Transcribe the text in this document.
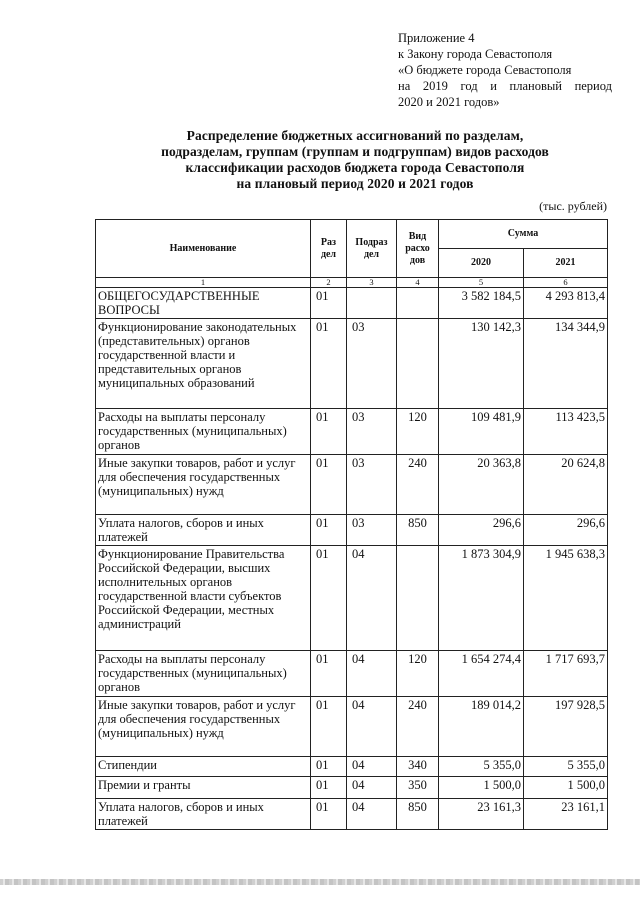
Приложение 4
к Закону города Севастополя
«О бюджете города Севастополя
на 2019 год и плановый период
2020 и 2021 годов»
Распределение бюджетных ассигнований по разделам,
подразделам, группам (группам и подгруппам) видов расходов
классификации расходов бюджета города Севастополя
на плановый период 2020 и 2021 годов
(тыс. рублей)
Наименование	Раз дел	Подраз дел	Вид расхо дов	Сумма	
				2020	2021
1	2	3	4	5	6
ОБЩЕГОСУДАРСТВЕННЫЕ ВОПРОСЫ	01			3 582 184,5	4 293 813,4
Функционирование законодательных (представительных) органов государственной власти и представительных органов муниципальных образований	01	03		130 142,3	134 344,9
Расходы на выплаты персоналу государственных (муниципальных) органов	01	03	120	109 481,9	113 423,5
Иные закупки товаров, работ и услуг для обеспечения государственных (муниципальных) нужд	01	03	240	20 363,8	20 624,8
Уплата налогов, сборов и иных платежей	01	03	850	296,6	296,6
Функционирование Правительства Российской Федерации, высших исполнительных органов государственной власти субъектов Российской Федерации, местных администраций	01	04		1 873 304,9	1 945 638,3
Расходы на выплаты персоналу государственных (муниципальных) органов	01	04	120	1 654 274,4	1 717 693,7
Иные закупки товаров, работ и услуг для обеспечения государственных (муниципальных) нужд	01	04	240	189 014,2	197 928,5
Стипендии	01	04	340	5 355,0	5 355,0
Премии и гранты	01	04	350	1 500,0	1 500,0
Уплата налогов, сборов и иных платежей	01	04	850	23 161,3	23 161,1
